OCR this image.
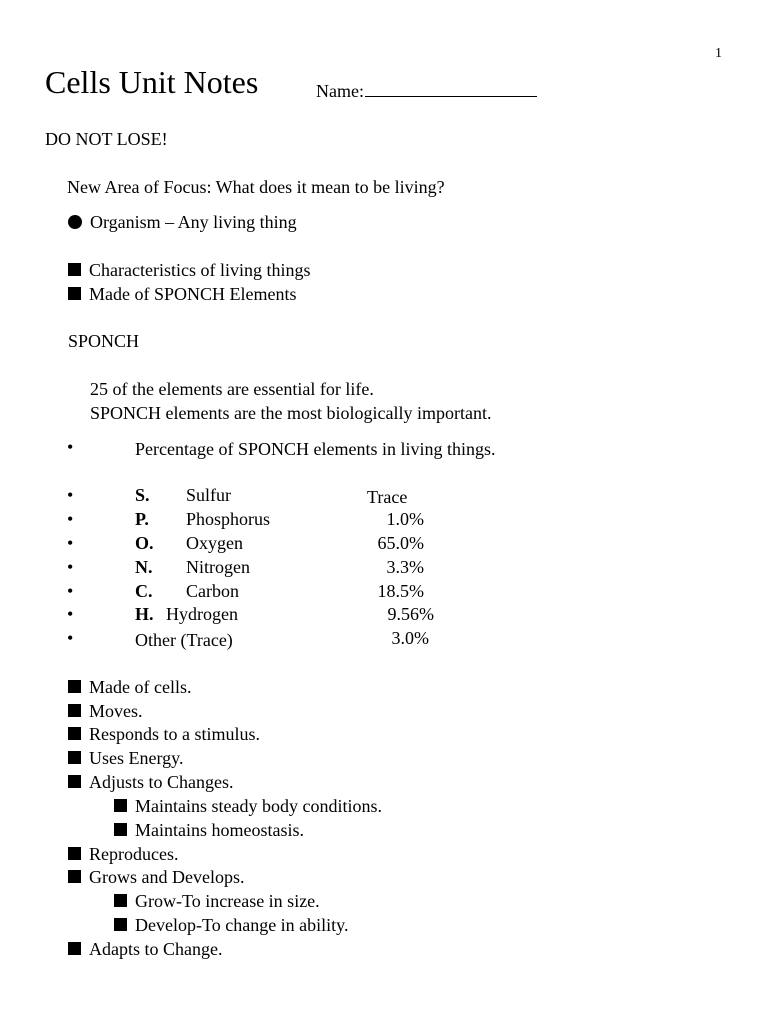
1
Cells Unit Notes	Name:
DO NOT LOSE!
New Area of Focus: What does it mean to be living?
Organism – Any living thing
Characteristics of living things
Made of SPONCH Elements
SPONCH
25 of the elements are essential for life.
SPONCH elements are the most biologically important.
•	Percentage of SPONCH elements in living things.
•	S. Sulfur	Trace
•	P. Phosphorus	1.0%
•	O. Oxygen	65.0%
•	N. Nitrogen	3.3%
•	C. Carbon	18.5%
•	H. Hydrogen	9.56%
•	Other (Trace)	3.0%
Made of cells.
Moves.
Responds to a stimulus.
Uses Energy.
Adjusts to Changes.
Maintains steady body conditions.
Maintains homeostasis.
Reproduces.
Grows and Develops.
Grow-To increase in size.
Develop-To change in ability.
Adapts to Change.
